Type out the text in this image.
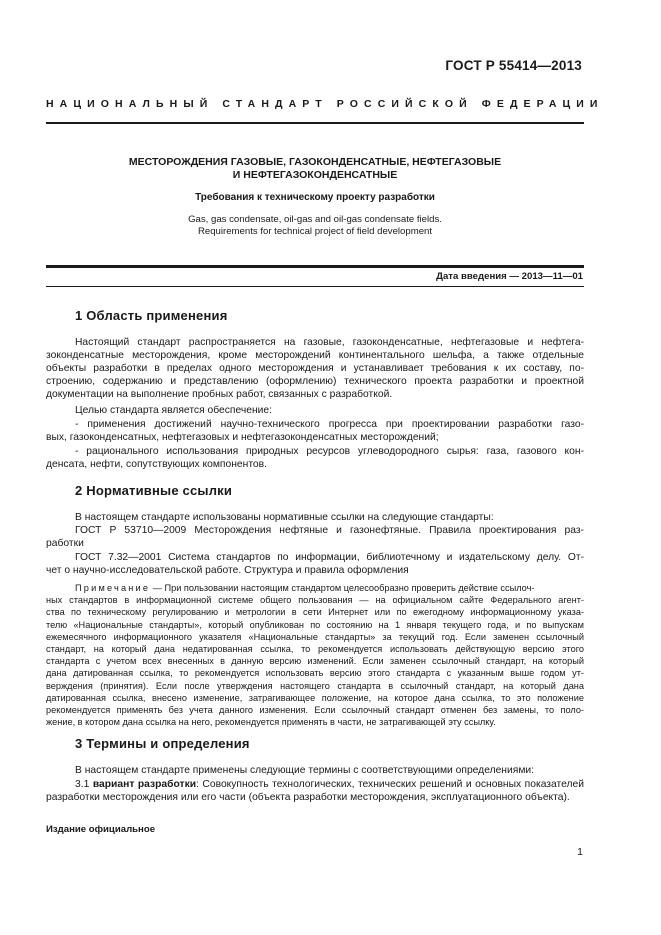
ГОСТ Р 55414—2013
НАЦИОНАЛЬНЫЙ СТАНДАРТ РОССИЙСКОЙ ФЕДЕРАЦИИ
МЕСТОРОЖДЕНИЯ ГАЗОВЫЕ, ГАЗОКОНДЕНСАТНЫЕ, НЕФТЕГАЗОВЫЕ
И НЕФТЕГАЗОКОНДЕНСАТНЫЕ
Требования к техническому проекту разработки
Gas, gas condensate, oil-gas and oil-gas condensate fields.
Requirements for technical project of field development
Дата введения — 2013—11—01
1 Область применения
Настоящий стандарт распространяется на газовые, газоконденсатные, нефтегазовые и нефтега-
зоконденсатные месторождения, кроме месторождений континентального шельфа, а также отдельные
объекты разработки в пределах одного месторождения и устанавливает требования к их составу, по-
строению, содержанию и представлению (оформлению) технического проекта разработки и проектной
документации на выполнение пробных работ, связанных с разработкой.
Целью стандарта является обеспечение:
- применения достижений научно-технического прогресса при проектировании разработки газо-
вых, газоконденсатных, нефтегазовых и нефтегазоконденсатных месторождений;
- рационального использования природных ресурсов углеводородного сырья: газа, газового кон-
денсата, нефти, сопутствующих компонентов.
2 Нормативные ссылки
В настоящем стандарте использованы нормативные ссылки на следующие стандарты:
ГОСТ Р 53710—2009 Месторождения нефтяные и газонефтяные. Правила проектирования раз-
работки
ГОСТ 7.32—2001 Система стандартов по информации, библиотечному и издательскому делу. От-
чет о научно-исследовательской работе. Структура и правила оформления
Примечание — При пользовании настоящим стандартом целесообразно проверить действие ссылоч-
ных стандартов в информационной системе общего пользования — на официальном сайте Федерального агент-
ства по техническому регулированию и метрологии в сети Интернет или по ежегодному информационному указа-
телю «Национальные стандарты», который опубликован по состоянию на 1 января текущего года, и по выпускам
ежемесячного информационного указателя «Национальные стандарты» за текущий год. Если заменен ссылочный
стандарт, на который дана недатированная ссылка, то рекомендуется использовать действующую версию этого
стандарта с учетом всех внесенных в данную версию изменений. Если заменен ссылочный стандарт, на который
дана датированная ссылка, то рекомендуется использовать версию этого стандарта с указанным выше годом ут-
верждения (принятия). Если после утверждения настоящего стандарта в ссылочный стандарт, на который дана
датированная ссылка, внесено изменение, затрагивающее положение, на которое дана ссылка, то это положение
рекомендуется применять без учета данного изменения. Если ссылочный стандарт отменен без замены, то поло-
жение, в котором дана ссылка на него, рекомендуется применять в части, не затрагивающей эту ссылку.
3 Термины и определения
В настоящем стандарте применены следующие термины с соответствующими определениями:
3.1 вариант разработки: Совокупность технологических, технических решений и основных показателей
разработки месторождения или его части (объекта разработки месторождения, эксплуатационного объекта).
Издание официальное
1
